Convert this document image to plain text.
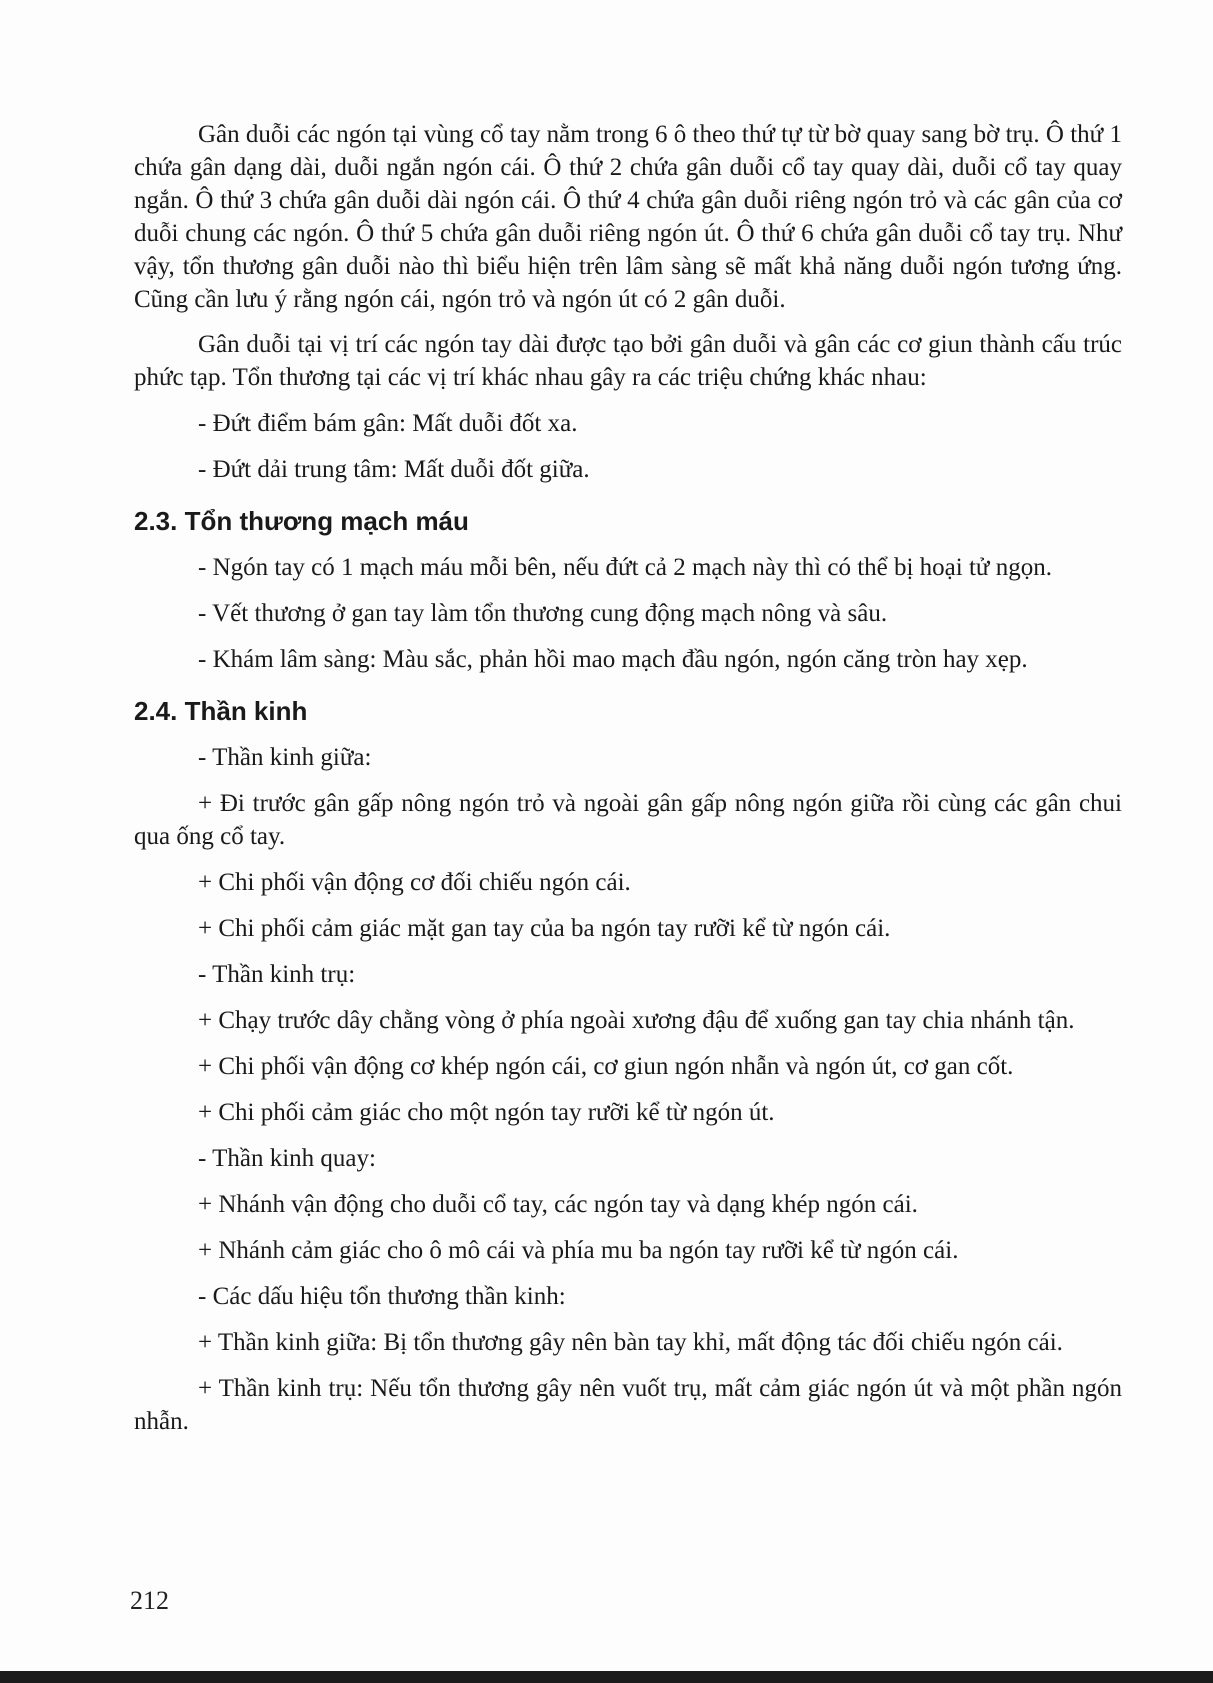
Gân duỗi các ngón tại vùng cổ tay nằm trong 6 ô theo thứ tự từ bờ quay sang bờ trụ. Ô thứ 1 chứa gân dạng dài, duỗi ngắn ngón cái. Ô thứ 2 chứa gân duỗi cổ tay quay dài, duỗi cổ tay quay ngắn. Ô thứ 3 chứa gân duỗi dài ngón cái. Ô thứ 4 chứa gân duỗi riêng ngón trỏ và các gân của cơ duỗi chung các ngón. Ô thứ 5 chứa gân duỗi riêng ngón út. Ô thứ 6 chứa gân duỗi cổ tay trụ. Như vậy, tổn thương gân duỗi nào thì biểu hiện trên lâm sàng sẽ mất khả năng duỗi ngón tương ứng. Cũng cần lưu ý rằng ngón cái, ngón trỏ và ngón út có 2 gân duỗi.

Gân duỗi tại vị trí các ngón tay dài được tạo bởi gân duỗi và gân các cơ giun thành cấu trúc phức tạp. Tổn thương tại các vị trí khác nhau gây ra các triệu chứng khác nhau:

- Đứt điểm bám gân: Mất duỗi đốt xa.

- Đứt dải trung tâm: Mất duỗi đốt giữa.

2.3. Tổn thương mạch máu

- Ngón tay có 1 mạch máu mỗi bên, nếu đứt cả 2 mạch này thì có thể bị hoại tử ngọn.

- Vết thương ở gan tay làm tổn thương cung động mạch nông và sâu.

- Khám lâm sàng: Màu sắc, phản hồi mao mạch đầu ngón, ngón căng tròn hay xẹp.

2.4. Thần kinh

- Thần kinh giữa:

+ Đi trước gân gấp nông ngón trỏ và ngoài gân gấp nông ngón giữa rồi cùng các gân chui qua ống cổ tay.

+ Chi phối vận động cơ đối chiếu ngón cái.

+ Chi phối cảm giác mặt gan tay của ba ngón tay rưỡi kể từ ngón cái.

- Thần kinh trụ:

+ Chạy trước dây chằng vòng ở phía ngoài xương đậu để xuống gan tay chia nhánh tận.

+ Chi phối vận động cơ khép ngón cái, cơ giun ngón nhẫn và ngón út, cơ gan cốt.

+ Chi phối cảm giác cho một ngón tay rưỡi kể từ ngón út.

- Thần kinh quay:

+ Nhánh vận động cho duỗi cổ tay, các ngón tay và dạng khép ngón cái.

+ Nhánh cảm giác cho ô mô cái và phía mu ba ngón tay rưỡi kể từ ngón cái.

- Các dấu hiệu tổn thương thần kinh:

+ Thần kinh giữa: Bị tổn thương gây nên bàn tay khỉ, mất động tác đối chiếu ngón cái.

+ Thần kinh trụ: Nếu tổn thương gây nên vuốt trụ, mất cảm giác ngón út và một phần ngón nhẫn.

212
